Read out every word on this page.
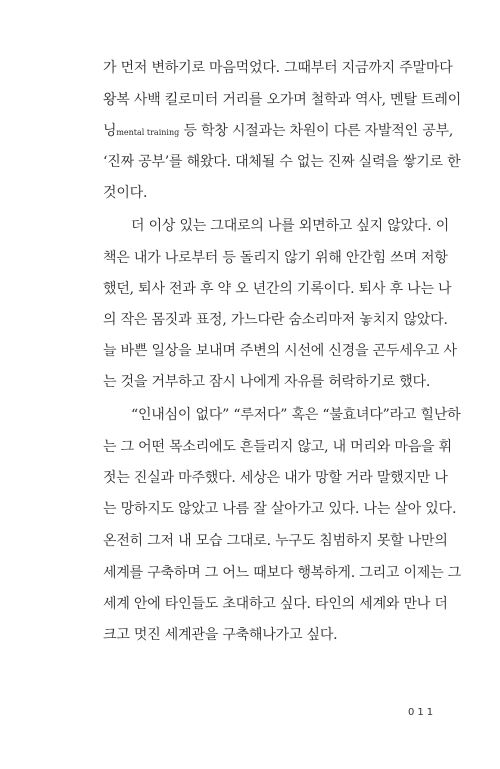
가 먼저 변하기로 마음먹었다. 그때부터 지금까지 주말마다
왕복 사백 킬로미터 거리를 오가며 철학과 역사, 멘탈 트레이
닝mental training 등 학창 시절과는 차원이 다른 자발적인 공부,
‘진짜 공부’를 해왔다. 대체될 수 없는 진짜 실력을 쌓기로 한
것이다.
더 이상 있는 그대로의 나를 외면하고 싶지 않았다. 이
책은 내가 나로부터 등 돌리지 않기 위해 안간힘 쓰며 저항
했던, 퇴사 전과 후 약 오 년간의 기록이다. 퇴사 후 나는 나
의 작은 몸짓과 표정, 가느다란 숨소리마저 놓치지 않았다.
늘 바쁜 일상을 보내며 주변의 시선에 신경을 곤두세우고 사
는 것을 거부하고 잠시 나에게 자유를 허락하기로 했다.
“인내심이 없다” “루저다” 혹은 “불효녀다”라고 힐난하
는 그 어떤 목소리에도 흔들리지 않고, 내 머리와 마음을 휘
젓는 진실과 마주했다. 세상은 내가 망할 거라 말했지만 나
는 망하지도 않았고 나름 잘 살아가고 있다. 나는 살아 있다.
온전히 그저 내 모습 그대로. 누구도 침범하지 못할 나만의
세계를 구축하며 그 어느 때보다 행복하게. 그리고 이제는 그
세계 안에 타인들도 초대하고 싶다. 타인의 세계와 만나 더
크고 멋진 세계관을 구축해나가고 싶다.
011
